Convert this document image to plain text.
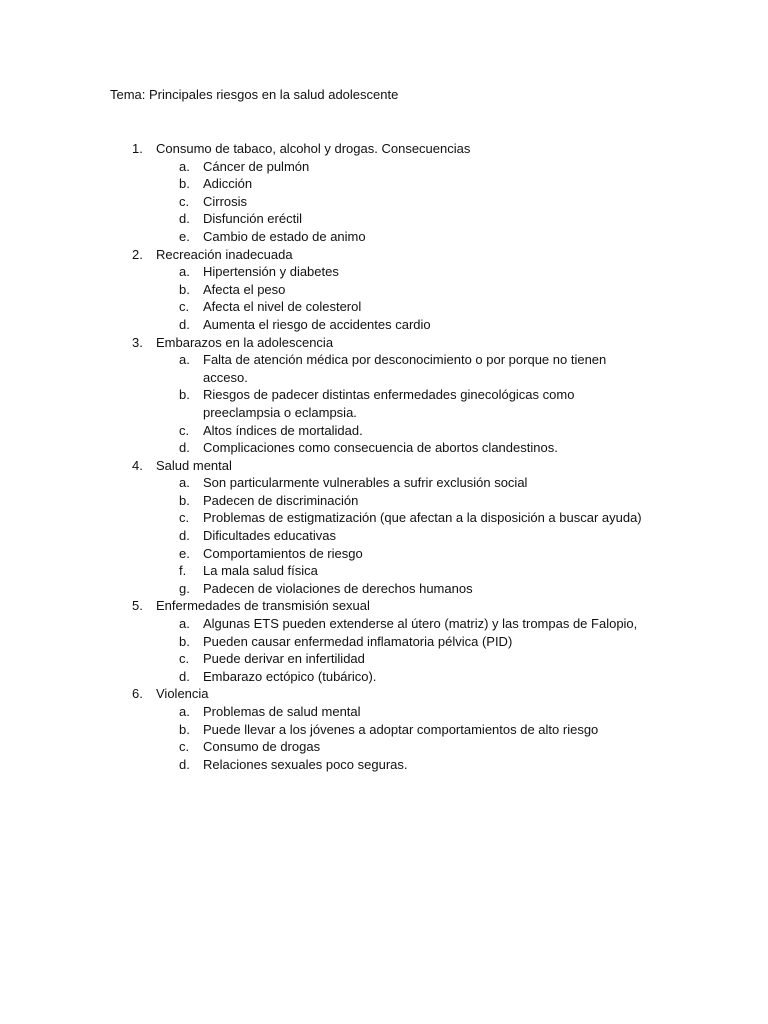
Tema: Principales riesgos en la salud adolescente
1.	Consumo de tabaco, alcohol y drogas. Consecuencias
a.	Cáncer de pulmón
b.	Adicción
c.	Cirrosis
d.	Disfunción eréctil
e.	Cambio de estado de animo
2.	Recreación inadecuada
a.	Hipertensión y diabetes
b.	Afecta el peso
c.	Afecta el nivel de colesterol
d.	Aumenta el riesgo de accidentes cardio
3.	Embarazos en la adolescencia
a.	Falta de atención médica por desconocimiento o por porque no tienen acceso.
b.	Riesgos de padecer distintas enfermedades ginecológicas como preeclampsia o eclampsia.
c.	Altos índices de mortalidad.
d.	Complicaciones como consecuencia de abortos clandestinos.
4.	Salud mental
a.	Son particularmente vulnerables a sufrir exclusión social
b.	Padecen de discriminación
c.	Problemas de estigmatización (que afectan a la disposición a buscar ayuda)
d.	Dificultades educativas
e.	Comportamientos de riesgo
f.	La mala salud física
g.	Padecen de violaciones de derechos humanos
5.	Enfermedades de transmisión sexual
a.	Algunas ETS pueden extenderse al útero (matriz) y las trompas de Falopio,
b.	Pueden causar enfermedad inflamatoria pélvica (PID)
c.	Puede derivar en infertilidad
d.	Embarazo ectópico (tubárico).
6.	Violencia
a.	Problemas de salud mental
b.	Puede llevar a los jóvenes a adoptar comportamientos de alto riesgo
c.	Consumo de drogas
d.	Relaciones sexuales poco seguras.
